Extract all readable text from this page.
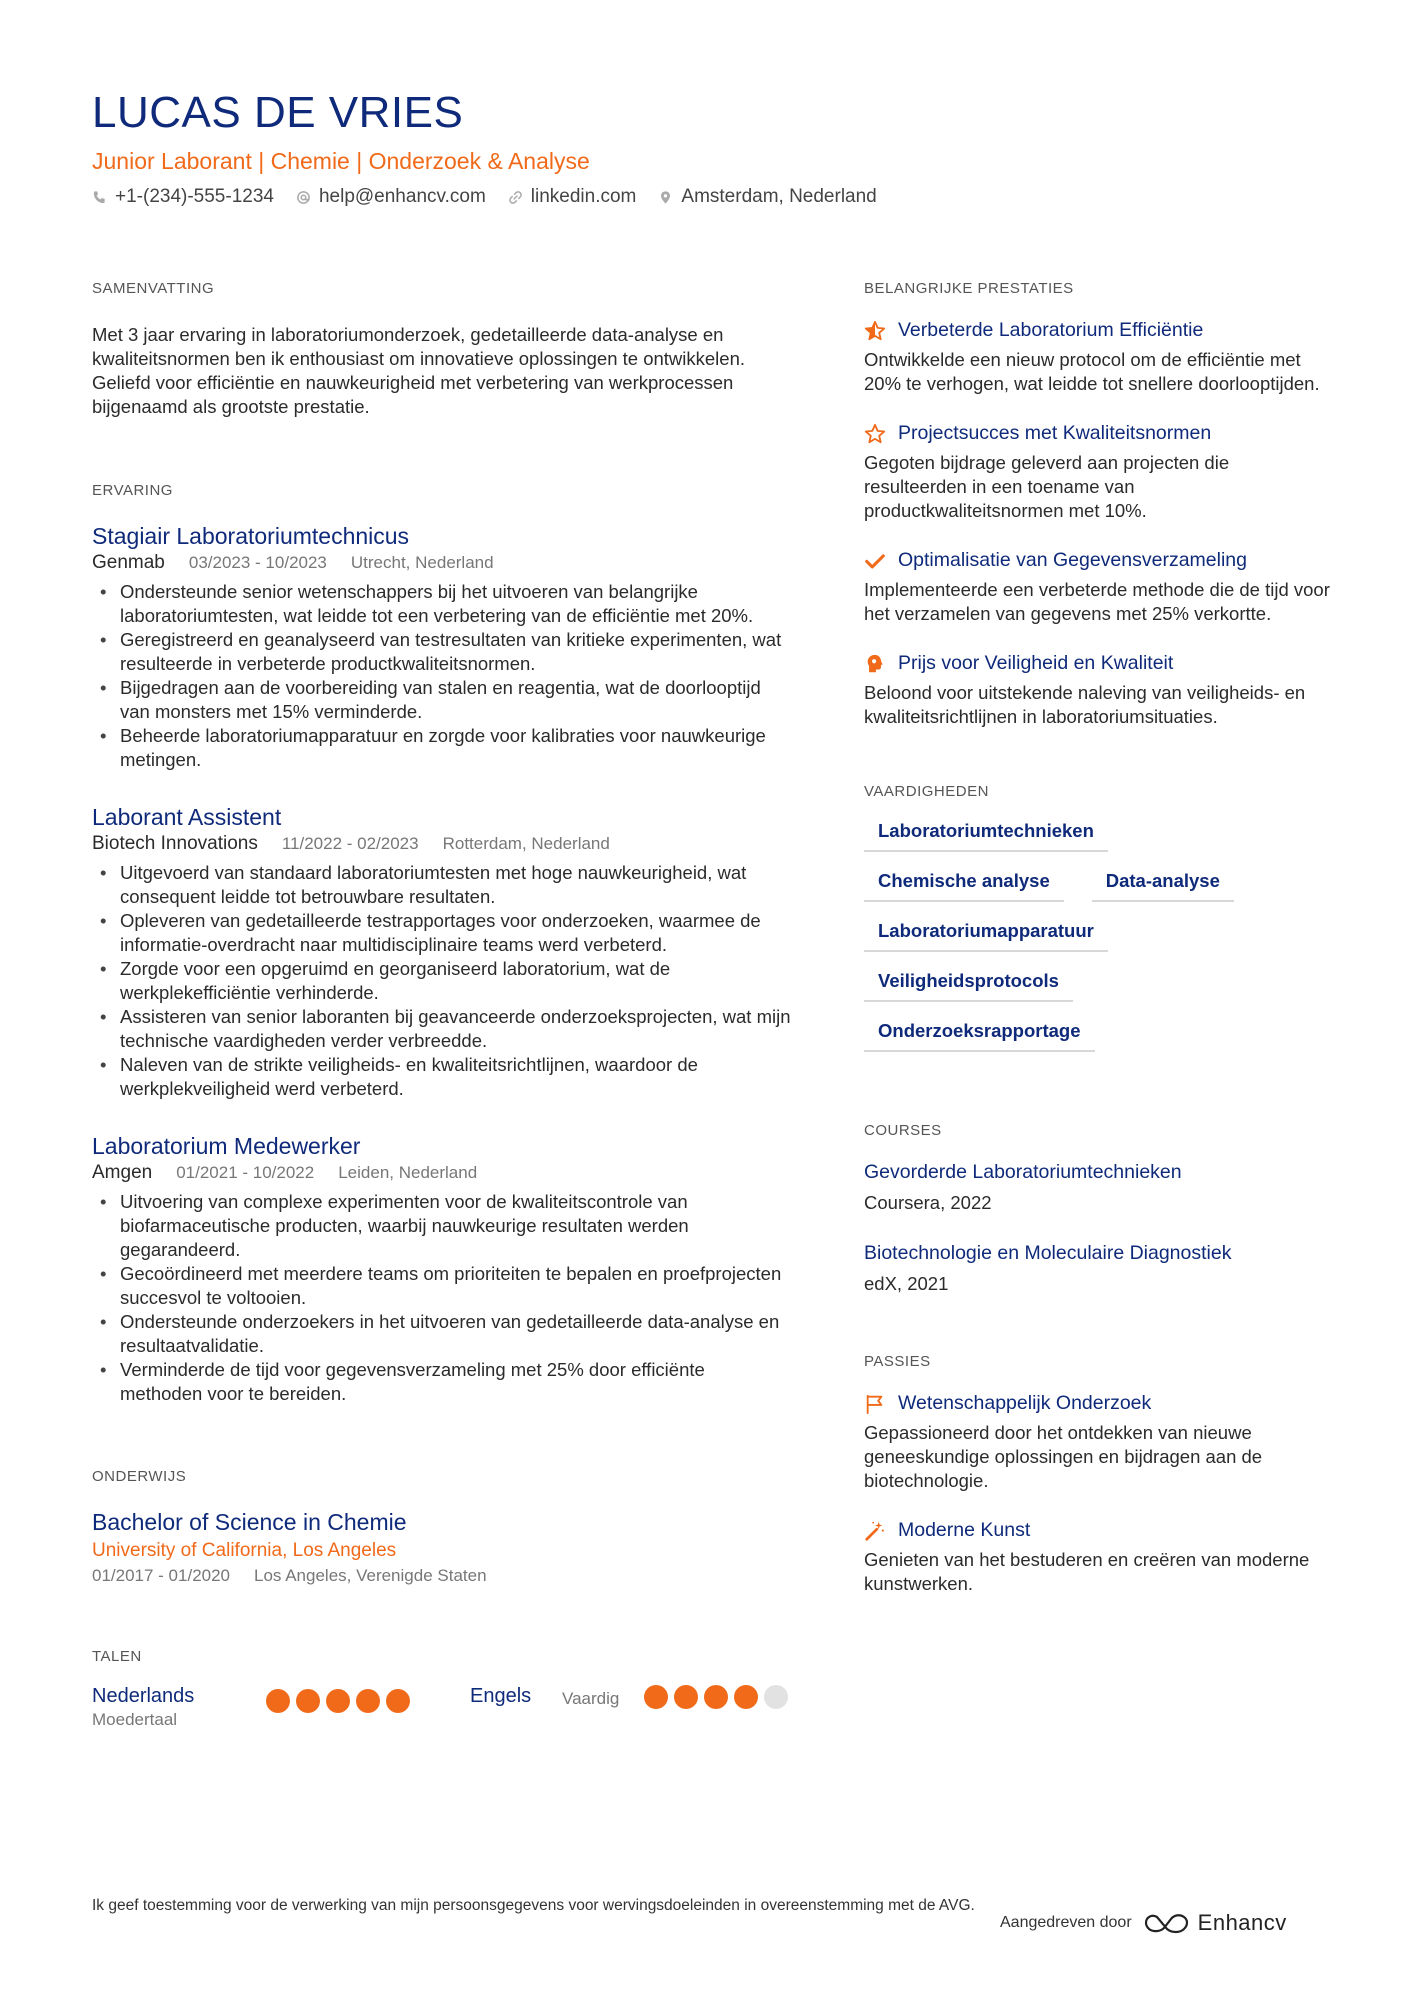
LUCAS DE VRIES
Junior Laborant | Chemie | Onderzoek & Analyse
+1-(234)-555-1234 help@enhancv.com linkedin.com Amsterdam, Nederland
SAMENVATTING
Met 3 jaar ervaring in laboratoriumonderzoek, gedetailleerde data-analyse en kwaliteitsnormen ben ik enthousiast om innovatieve oplossingen te ontwikkelen. Geliefd voor efficiëntie en nauwkeurigheid met verbetering van werkprocessen bijgenaamd als grootste prestatie.
ERVARING
Stagiair Laboratoriumtechnicus
Genmab 03/2023 - 10/2023 Utrecht, Nederland
• Ondersteunde senior wetenschappers bij het uitvoeren van belangrijke laboratoriumtesten, wat leidde tot een verbetering van de efficiëntie met 20%.
• Geregistreerd en geanalyseerd van testresultaten van kritieke experimenten, wat resulteerde in verbeterde productkwaliteitsnormen.
• Bijgedragen aan de voorbereiding van stalen en reagentia, wat de doorlooptijd van monsters met 15% verminderde.
• Beheerde laboratoriumapparatuur en zorgde voor kalibraties voor nauwkeurige metingen.
Laborant Assistent
Biotech Innovations 11/2022 - 02/2023 Rotterdam, Nederland
• Uitgevoerd van standaard laboratoriumtesten met hoge nauwkeurigheid, wat consequent leidde tot betrouwbare resultaten.
• Opleveren van gedetailleerde testrapportages voor onderzoeken, waarmee de informatie-overdracht naar multidisciplinaire teams werd verbeterd.
• Zorgde voor een opgeruimd en georganiseerd laboratorium, wat de werkplekefficiëntie verhinderde.
• Assisteren van senior laboranten bij geavanceerde onderzoeksprojecten, wat mijn technische vaardigheden verder verbreedde.
• Naleven van de strikte veiligheids- en kwaliteitsrichtlijnen, waardoor de werkplekveiligheid werd verbeterd.
Laboratorium Medewerker
Amgen 01/2021 - 10/2022 Leiden, Nederland
• Uitvoering van complexe experimenten voor de kwaliteitscontrole van biofarmaceutische producten, waarbij nauwkeurige resultaten werden gegarandeerd.
• Gecoördineerd met meerdere teams om prioriteiten te bepalen en proefprojecten succesvol te voltooien.
• Ondersteunde onderzoekers in het uitvoeren van gedetailleerde data-analyse en resultaatvalidatie.
• Verminderde de tijd voor gegevensverzameling met 25% door efficiënte methoden voor te bereiden.
ONDERWIJS
Bachelor of Science in Chemie
University of California, Los Angeles
01/2017 - 01/2020 Los Angeles, Verenigde Staten
TALEN
Nederlands
Moedertaal
Engels	Vaardig
BELANGRIJKE PRESTATIES
Verbeterde Laboratorium Efficiëntie
Ontwikkelde een nieuw protocol om de efficiëntie met 20% te verhogen, wat leidde tot snellere doorlooptijden.
Projectsucces met Kwaliteitsnormen
Gegoten bijdrage geleverd aan projecten die resulteerden in een toename van productkwaliteitsnormen met 10%.
Optimalisatie van Gegevensverzameling
Implementeerde een verbeterde methode die de tijd voor het verzamelen van gegevens met 25% verkortte.
Prijs voor Veiligheid en Kwaliteit
Beloond voor uitstekende naleving van veiligheids- en kwaliteitsrichtlijnen in laboratoriumsituaties.
VAARDIGHEDEN
Laboratoriumtechnieken
Chemische analyse	Data-analyse
Laboratoriumapparatuur
Veiligheidsprotocols
Onderzoeksrapportage
COURSES
Gevorderde Laboratoriumtechnieken
Coursera, 2022
Biotechnologie en Moleculaire Diagnostiek
edX, 2021
PASSIES
Wetenschappelijk Onderzoek
Gepassioneerd door het ontdekken van nieuwe geneeskundige oplossingen en bijdragen aan de biotechnologie.
Moderne Kunst
Genieten van het bestuderen en creëren van moderne kunstwerken.
Ik geef toestemming voor de verwerking van mijn persoonsgegevens voor wervingsdoeleinden in overeenstemming met de AVG.
Aangedreven door	Enhancv
